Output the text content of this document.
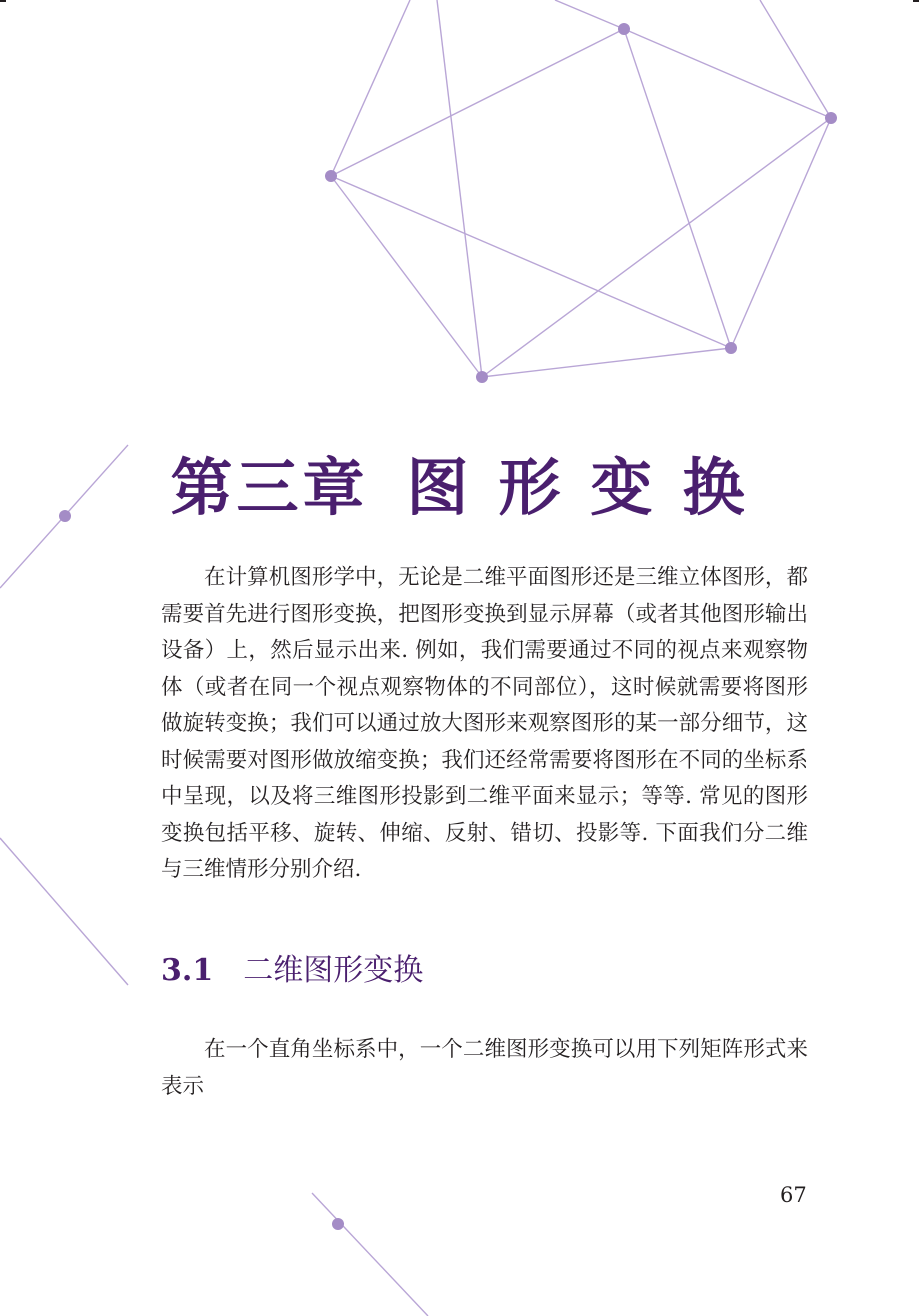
第三章 图 形 变 换

在计算机图形学中，无论是二维平面图形还是三维立体图形，都需要首先进行图形变换，把图形变换到显示屏幕（或者其他图形输出设备）上，然后显示出来. 例如，我们需要通过不同的视点来观察物体（或者在同一个视点观察物体的不同部位），这时候就需要将图形做旋转变换；我们可以通过放大图形来观察图形的某一部分细节，这时候需要对图形做放缩变换；我们还经常需要将图形在不同的坐标系中呈现，以及将三维图形投影到二维平面来显示；等等. 常见的图形变换包括平移、旋转、伸缩、反射、错切、投影等. 下面我们分二维与三维情形分别介绍.

3.1 二维图形变换

在一个直角坐标系中，一个二维图形变换可以用下列矩阵形式来表示

67
